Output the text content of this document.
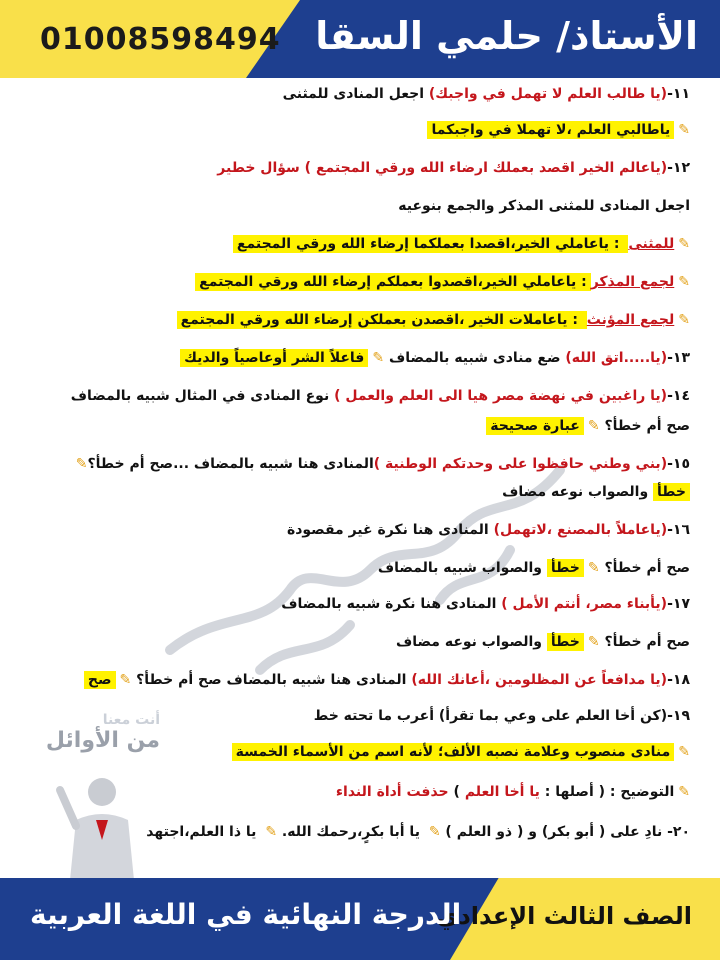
01008598494 الأستاذ/ حلمي السقا
١١-(يا طالب العلم لا تهمل في واجبك) اجعل المنادى للمثنى
✎ياطالبي العلم ،لا تهملا في واجبكما
١٢-(ياعالم الخير اقصد بعملك ارضاء الله ورقي المجتمع ) سؤال خطير
اجعل المنادى للمثنى المذكر والجمع بنوعيه
✎للمثنى : ياعاملي الخير،اقصدا بعملكما إرضاء الله ورقي المجتمع
✎لجمع المذكر: ياعاملي الخير،اقصدوا بعملكم إرضاء الله ورقي المجتمع
✎لجمع المؤنث : ياعاملات الخير ،اقصدن بعملكن إرضاء الله ورقي المجتمع
١٣-(يا.....اتق الله) ضع منادى شبيه بالمضاف ✎فاعلاً الشر أوعاصياً والديك
١٤-(يا راغبين في نهضة مصر هيا الى العلم والعمل ) نوع المنادى في المثال شبيه بالمضاف
صح أم خطأ؟ ✎عبارة صحيحة
١٥-(بني وطني حافظوا على وحدتكم الوطنية )المنادى هنا شبيه بالمضاف ...صح أم خطأ؟✎
خطأ والصواب نوعه مضاف
١٦-(ياعاملاً بالمصنع ،لاتهمل) المنادى هنا نكرة غير مقصودة
صح أم خطأ؟ ✎خطأ والصواب شبيه بالمضاف
١٧-(يأبناء مصر، أنتم الأمل ) المنادى هنا نكرة شبيه بالمضاف
صح أم خطأ؟ ✎خطأ والصواب نوعه مضاف
١٨-(يا مدافعاً عن المظلومين ،أعانك الله) المنادى هنا شبيه بالمضاف صح أم خطأ؟ ✎صح
١٩-(كن أخا العلم على وعي بما تقرأ) أعرب ما تحته خط
✎منادى منصوب وعلامة نصبه الألف؛ لأنه اسم من الأسماء الخمسة
✎التوضيح : ( أصلها : يا أخا العلم ) حذفت أداة النداء
٢٠- نادِ على ( أبو بكر) و ( ذو العلم ) ✎ يا أبا بكرٍ،رحمك الله. ✎ يا ذا العلم،اجتهد
أنت معنا
من الأوائل
الصف الثالث الإعدادي
الدرجة النهائية في اللغة العربية
